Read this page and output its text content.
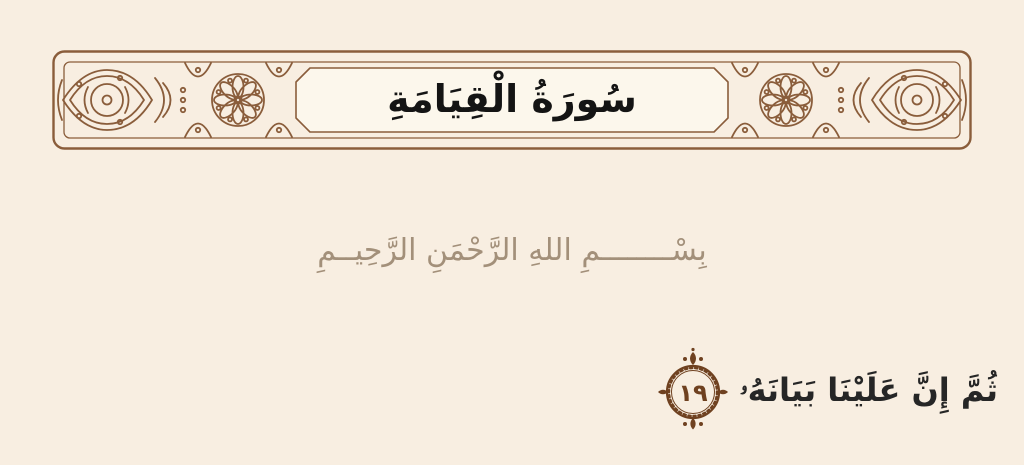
سُورَةُ الْقِيَامَةِ
بِسْــــــــمِ اللهِ الرَّحْمَنِ الرَّحِيــمِ
ثُمَّ إِنَّ عَلَيْنَا بَيَانَهُۥ
١٩
